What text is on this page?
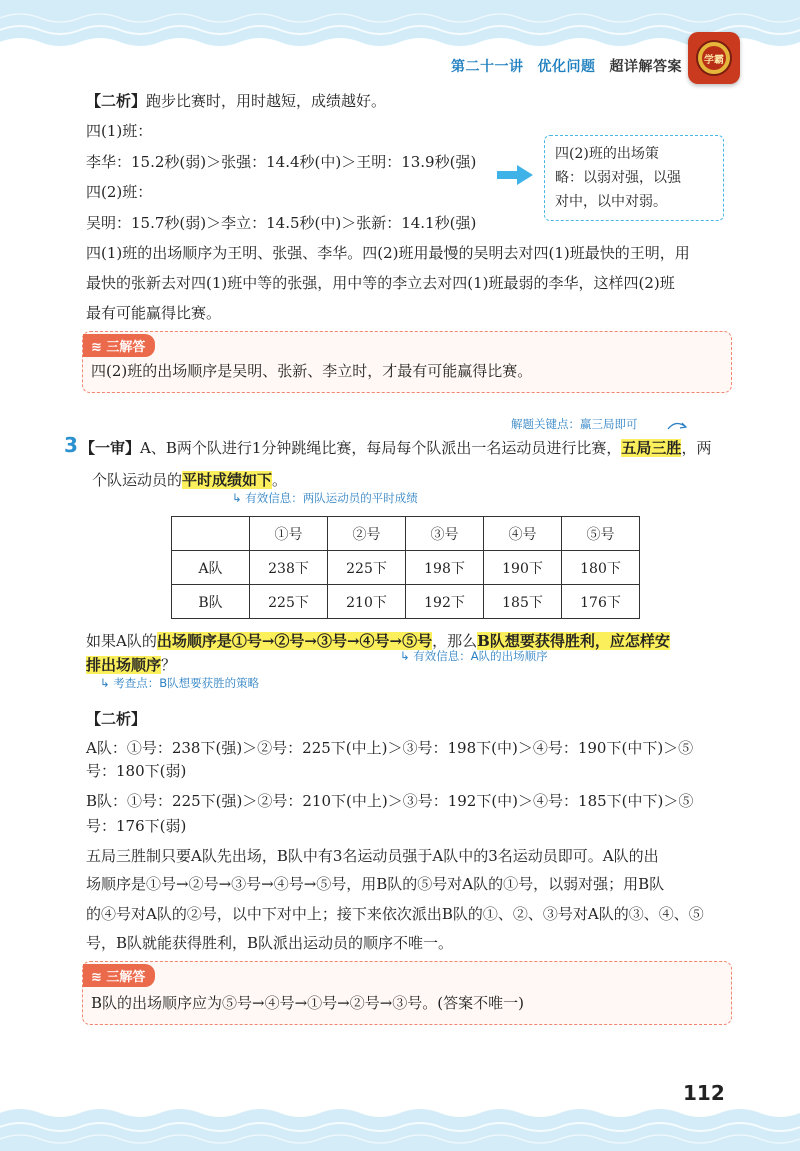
第二十一讲 优化问题 超详解答案 学霸
【二析】跑步比赛时，用时越短，成绩越好。
四(1)班：
李华：15.2秒(弱)＞张强：14.4秒(中)＞王明：13.9秒(强)
四(2)班：
吴明：15.7秒(弱)＞李立：14.5秒(中)＞张新：14.1秒(强)
四(2)班的出场策
略：以弱对强，以强
对中，以中对弱。
四(1)班的出场顺序为王明、张强、李华。四(2)班用最慢的吴明去对四(1)班最快的王明，用
最快的张新去对四(1)班中等的张强，用中等的李立去对四(1)班最弱的李华，这样四(2)班
最有可能赢得比赛。
≋ 三解答
四(2)班的出场顺序是吴明、张新、李立时，才最有可能赢得比赛。
解题关键点：赢三局即可
3 【一审】A、B两个队进行1分钟跳绳比赛，每局每个队派出一名运动员进行比赛，五局三胜，两
个队运动员的平时成绩如下。
↳ 有效信息：两队运动员的平时成绩
	①号	②号	③号	④号	⑤号
A队	238下	225下	198下	190下	180下
B队	225下	210下	192下	185下	176下
如果A队的出场顺序是①号→②号→③号→④号→⑤号，那么B队想要获得胜利，应怎样安
排出场顺序？	↳ 有效信息：A队的出场顺序
↳ 考查点：B队想要获胜的策略
【二析】
A队：①号：238下(强)＞②号：225下(中上)＞③号：198下(中)＞④号：190下(中下)＞⑤
号：180下(弱)
B队：①号：225下(强)＞②号：210下(中上)＞③号：192下(中)＞④号：185下(中下)＞⑤
号：176下(弱)
五局三胜制只要A队先出场，B队中有3名运动员强于A队中的3名运动员即可。A队的出
场顺序是①号→②号→③号→④号→⑤号，用B队的⑤号对A队的①号，以弱对强；用B队
的④号对A队的②号，以中下对中上；接下来依次派出B队的①、②、③号对A队的③、④、⑤
号，B队就能获得胜利，B队派出运动员的顺序不唯一。
≋ 三解答
B队的出场顺序应为⑤号→④号→①号→②号→③号。(答案不唯一)
112
